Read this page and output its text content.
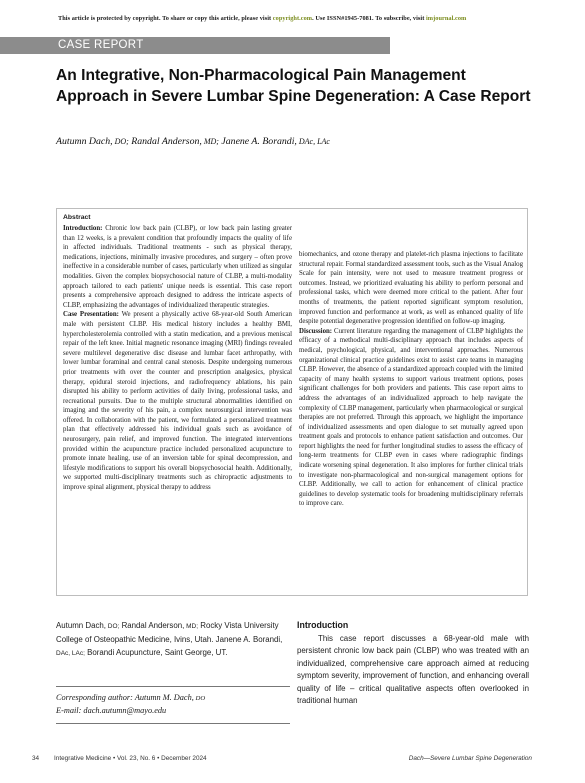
This article is protected by copyright. To share or copy this article, please visit copyright.com. Use ISSN#1945-7081. To subscribe, visit imjournal.com
CASE REPORT
An Integrative, Non-Pharmacological Pain Management Approach in Severe Lumbar Spine Degeneration: A Case Report
Autumn Dach, DO; Randal Anderson, MD; Janene A. Borandi, DAc, LAc
Abstract
Introduction: Chronic low back pain (CLBP), or low back pain lasting greater than 12 weeks, is a prevalent condition that profoundly impacts the quality of life in affected individuals. Traditional treatments - such as physical therapy, medications, injections, minimally invasive procedures, and surgery – often prove ineffective in a considerable number of cases, particularly when utilized as singular modalities. Given the complex biopsychosocial nature of CLBP, a multi-modality approach tailored to each patients' unique needs is essential. This case report presents a comprehensive approach designed to address the intricate aspects of CLBP, emphasizing the advantages of individualized therapeutic strategies.
Case Presentation: We present a physically active 68-year-old South American male with persistent CLBP. His medical history includes a healthy BMI, hypercholesterolemia controlled with a statin medication, and a previous meniscal repair of the left knee. Initial magnetic resonance imaging (MRI) findings revealed severe multilevel degenerative disc disease and lumbar facet arthropathy, with lower lumbar foraminal and central canal stenosis. Despite undergoing numerous prior treatments with over the counter and prescription analgesics, physical therapy, epidural steroid injections, and radiofrequency ablations, his pain disrupted his ability to perform activities of daily living, professional tasks, and recreational pursuits. Due to the multiple structural abnormalities identified on imaging and the severity of his pain, a complex neurosurgical intervention was offered. In collaboration with the patient, we formulated a personalized treatment plan that effectively addressed his individual goals such as avoidance of neurosurgery, pain relief, and improved function. The integrated interventions provided within the acupuncture practice included personalized acupuncture to promote innate healing, use of an inversion table for spinal decompression, and lifestyle modifications to support his overall biopsychosocial health. Additionally, we supported multi-disciplinary treatments such as chiropractic adjustments to improve spinal alignment, physical therapy to address
biomechanics, and ozone therapy and platelet-rich plasma injections to facilitate structural repair. Formal standardized assessment tools, such as the Visual Analog Scale for pain intensity, were not used to measure treatment progress or outcomes. Instead, we prioritized evaluating his ability to perform personal and professional tasks, which were deemed more critical to the patient. After four months of treatments, the patient reported significant symptom resolution, improved function and performance at work, as well as enhanced quality of life despite potential degenerative progression identified on follow-up imaging.
Discussion: Current literature regarding the management of CLBP highlights the efficacy of a methodical multi-disciplinary approach that includes aspects of medical, psychological, physical, and interventional approaches. Numerous organizational clinical practice guidelines exist to assist care teams in managing CLBP. However, the absence of a standardized approach coupled with the limited capacity of many health systems to support various treatment options, poses significant challenges for both providers and patients. This case report aims to address the advantages of an individualized approach to help navigate the complexity of CLBP management, particularly when pharmacological or surgical therapies are not preferred. Through this approach, we highlight the importance of individualized assessments and open dialogue to set mutually agreed upon treatment goals and protocols to enhance patient satisfaction and outcomes. Our report highlights the need for further longitudinal studies to assess the efficacy of long-term treatments for CLBP even in cases where radiographic findings indicate worsening spinal degeneration. It also implores for further clinical trials to investigate non-pharmacological and non-surgical management options for CLBP. Additionally, we call to action for enhancement of clinical practice guidelines to develop systematic tools for broadening multidisciplinary referrals to improve care.
Autumn Dach, DO; Randal Anderson, MD; Rocky Vista University College of Osteopathic Medicine, Ivins, Utah. Janene A. Borandi, DAc, LAc; Borandi Acupuncture, Saint George, UT.
Corresponding author: Autumn M. Dach, DO
E-mail: dach.autumn@mayo.edu
Introduction

This case report discusses a 68-year-old male with persistent chronic low back pain (CLBP) who was treated with an individualized, comprehensive care approach aimed at reducing symptom severity, improvement of function, and enhancing overall quality of life – critical qualitative aspects often overlooked in traditional human

34 Integrative Medicine • Vol. 23, No. 6 • December 2024	Dach—Severe Lumbar Spine Degeneration
